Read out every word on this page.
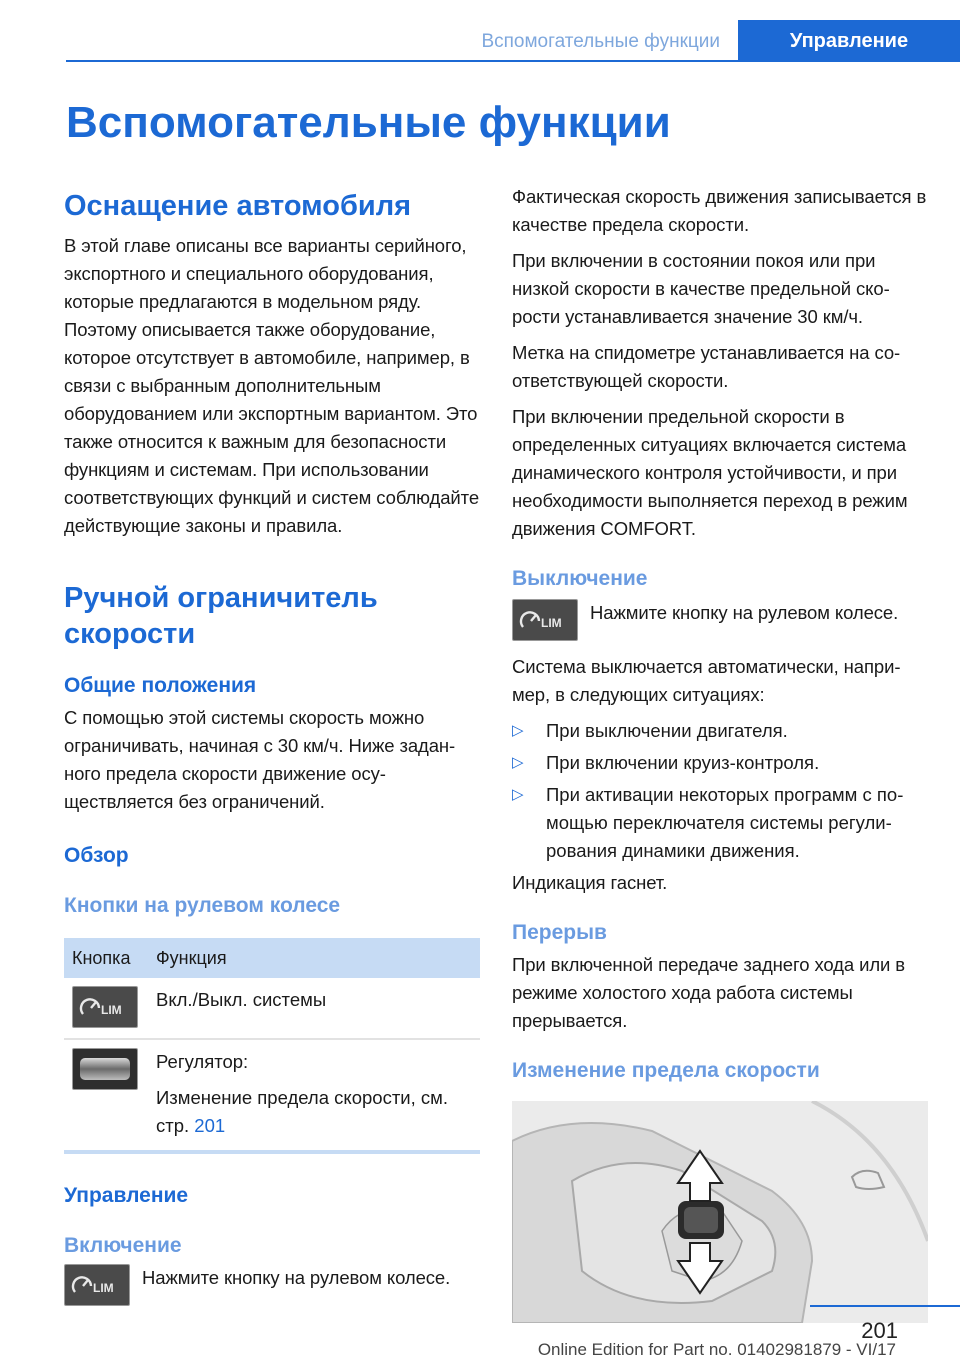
Вспомогательные функции	Управление
Вспомогательные функции
Оснащение автомобиля

В этой главе описаны все варианты серийного, экспортного и специального оборудования, которые предлагаются в модельном ряду. Поэтому описывается также оборудование, которое отсутствует в автомобиле, например, в связи с выбранным дополнительным оборудованием или экспортным вариантом. Это также относится к важным для безопасности функциям и системам. При использовании соответствующих функций и систем соблюдайте действующие законы и правила.

Ручной ограничитель скорости
Общие положения

С помощью этой системы скорость можно ограничивать, начиная с 30 км/ч. Ниже заданного предела скорости движение осуществляется без ограничений.

Обзор
Кнопки на рулевом колесе
Кнопка	Функция

LIM	Вкл./Выкл. системы

	Регулятор:
Изменение предела скорости, см. стр. 201
Управление
Включение
LIM Нажмите кнопку на рулевом колесе.

Фактическая скорость движения записывается в качестве предела скорости.

При включении в состоянии покоя или при низкой скорости в качестве предельной скорости устанавливается значение 30 км/ч.

Метка на спидометре устанавливается на соответствующей скорости.

При включении предельной скорости в определенных ситуациях включается система динамического контроля устойчивости, и при необходимости выполняется переход в режим движения COMFORT.

Выключение
LIM Нажмите кнопку на рулевом колесе.

Система выключается автоматически, например, в следующих ситуациях:

▷ При выключении двигателя.
▷ При включении круиз-контроля.
▷ При активации некоторых программ с помощью переключателя системы регулирования динамики движения.

Индикация гаснет.

Перерыв

При включенной передаче заднего хода или в режиме холостого хода работа системы прерывается.

Изменение предела скорости
201
Online Edition for Part no. 01402981879 - VI/17
